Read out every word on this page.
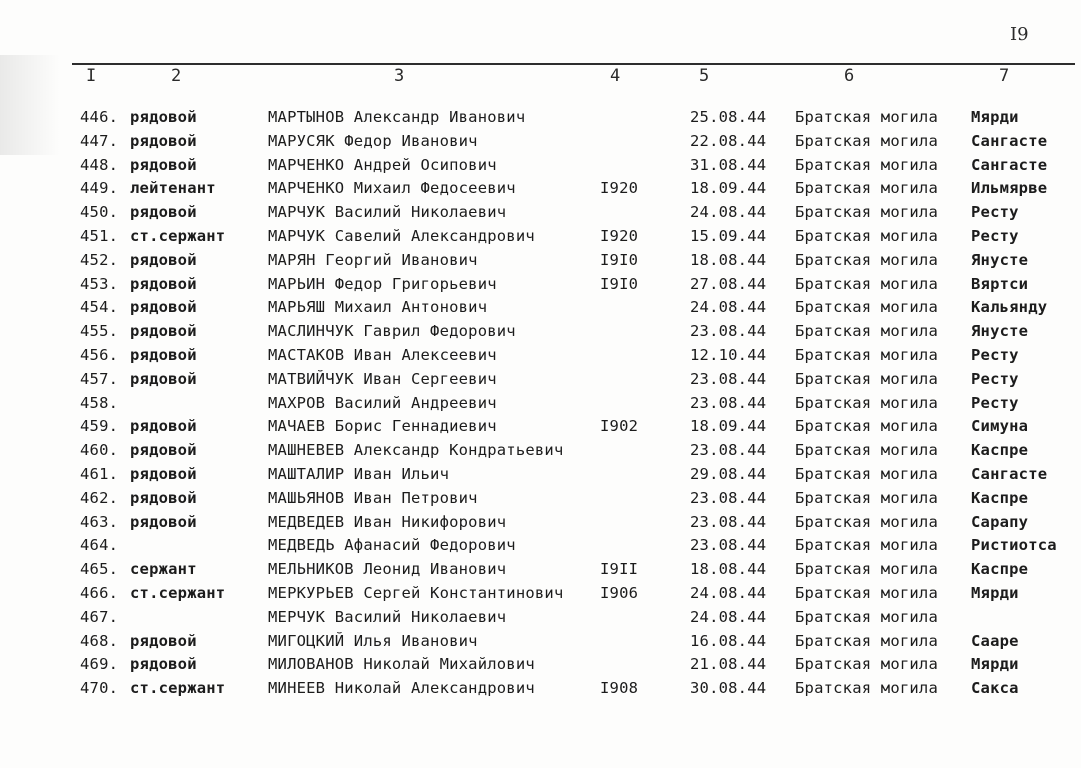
I9
I	2	3	4	5	6	7
446. рядовой	МАРТЫНОВ Александр Иванович	25.08.44 Братская могила Мярди
447. рядовой	МАРУСЯК Федор Иванович	22.08.44 Братская могила Сангасте
448. рядовой	МАРЧЕНКО Андрей Осипович	31.08.44 Братская могила Сангасте
449. лейтенант	МАРЧЕНКО Михаил Федосеевич	I920	18.09.44 Братская могила Ильмярве
450. рядовой	МАРЧУК Василий Николаевич	24.08.44 Братская могила Ресту
451. ст.сержант	МАРЧУК Савелий Александрович	I920	15.09.44 Братская могила Ресту
452. рядовой	МАРЯН Георгий Иванович	I9I0	18.08.44 Братская могила Янусте
453. рядовой	МАРЬИН Федор Григорьевич	I9I0	27.08.44 Братская могила Вяртси
454. рядовой	МАРЬЯШ Михаил Антонович	24.08.44 Братская могила Кальянду
455. рядовой	МАСЛИНЧУК Гаврил Федорович	23.08.44 Братская могила Янусте
456. рядовой	МАСТАКОВ Иван Алексеевич	12.10.44 Братская могила Ресту
457. рядовой	МАТВИЙЧУК Иван Сергеевич	23.08.44 Братская могила Ресту
458.	МАХРОВ Василий Андреевич	23.08.44 Братская могила Ресту
459. рядовой	МАЧАЕВ Борис Геннадиевич	I902	18.09.44 Братская могила Симуна
460. рядовой	МАШНЕВЕВ Александр Кондратьевич	23.08.44 Братская могила Каспре
461. рядовой	МАШТАЛИР Иван Ильич	29.08.44 Братская могила Сангасте
462. рядовой	МАШЬЯНОВ Иван Петрович	23.08.44 Братская могила Каспре
463. рядовой	МЕДВЕДЕВ Иван Никифорович	23.08.44 Братская могила Сарапу
464.	МЕДВЕДЬ Афанасий Федорович	23.08.44 Братская могила Ристиотса
465. сержант	МЕЛЬНИКОВ Леонид Иванович	I9II	18.08.44 Братская могила Каспре
466. ст.сержант	МЕРКУРЬЕВ Сергей Константинович I906	24.08.44 Братская могила Мярди
467.	МЕРЧУК Василий Николаевич	24.08.44 Братская могила
468. рядовой	МИГОЦКИЙ Илья Иванович	16.08.44 Братская могила Сааре
469. рядовой	МИЛОВАНОВ Николай Михайлович	21.08.44 Братская могила Мярди
470. ст.сержант	МИНЕЕВ Николай Александрович	I908	30.08.44 Братская могила Сакса
